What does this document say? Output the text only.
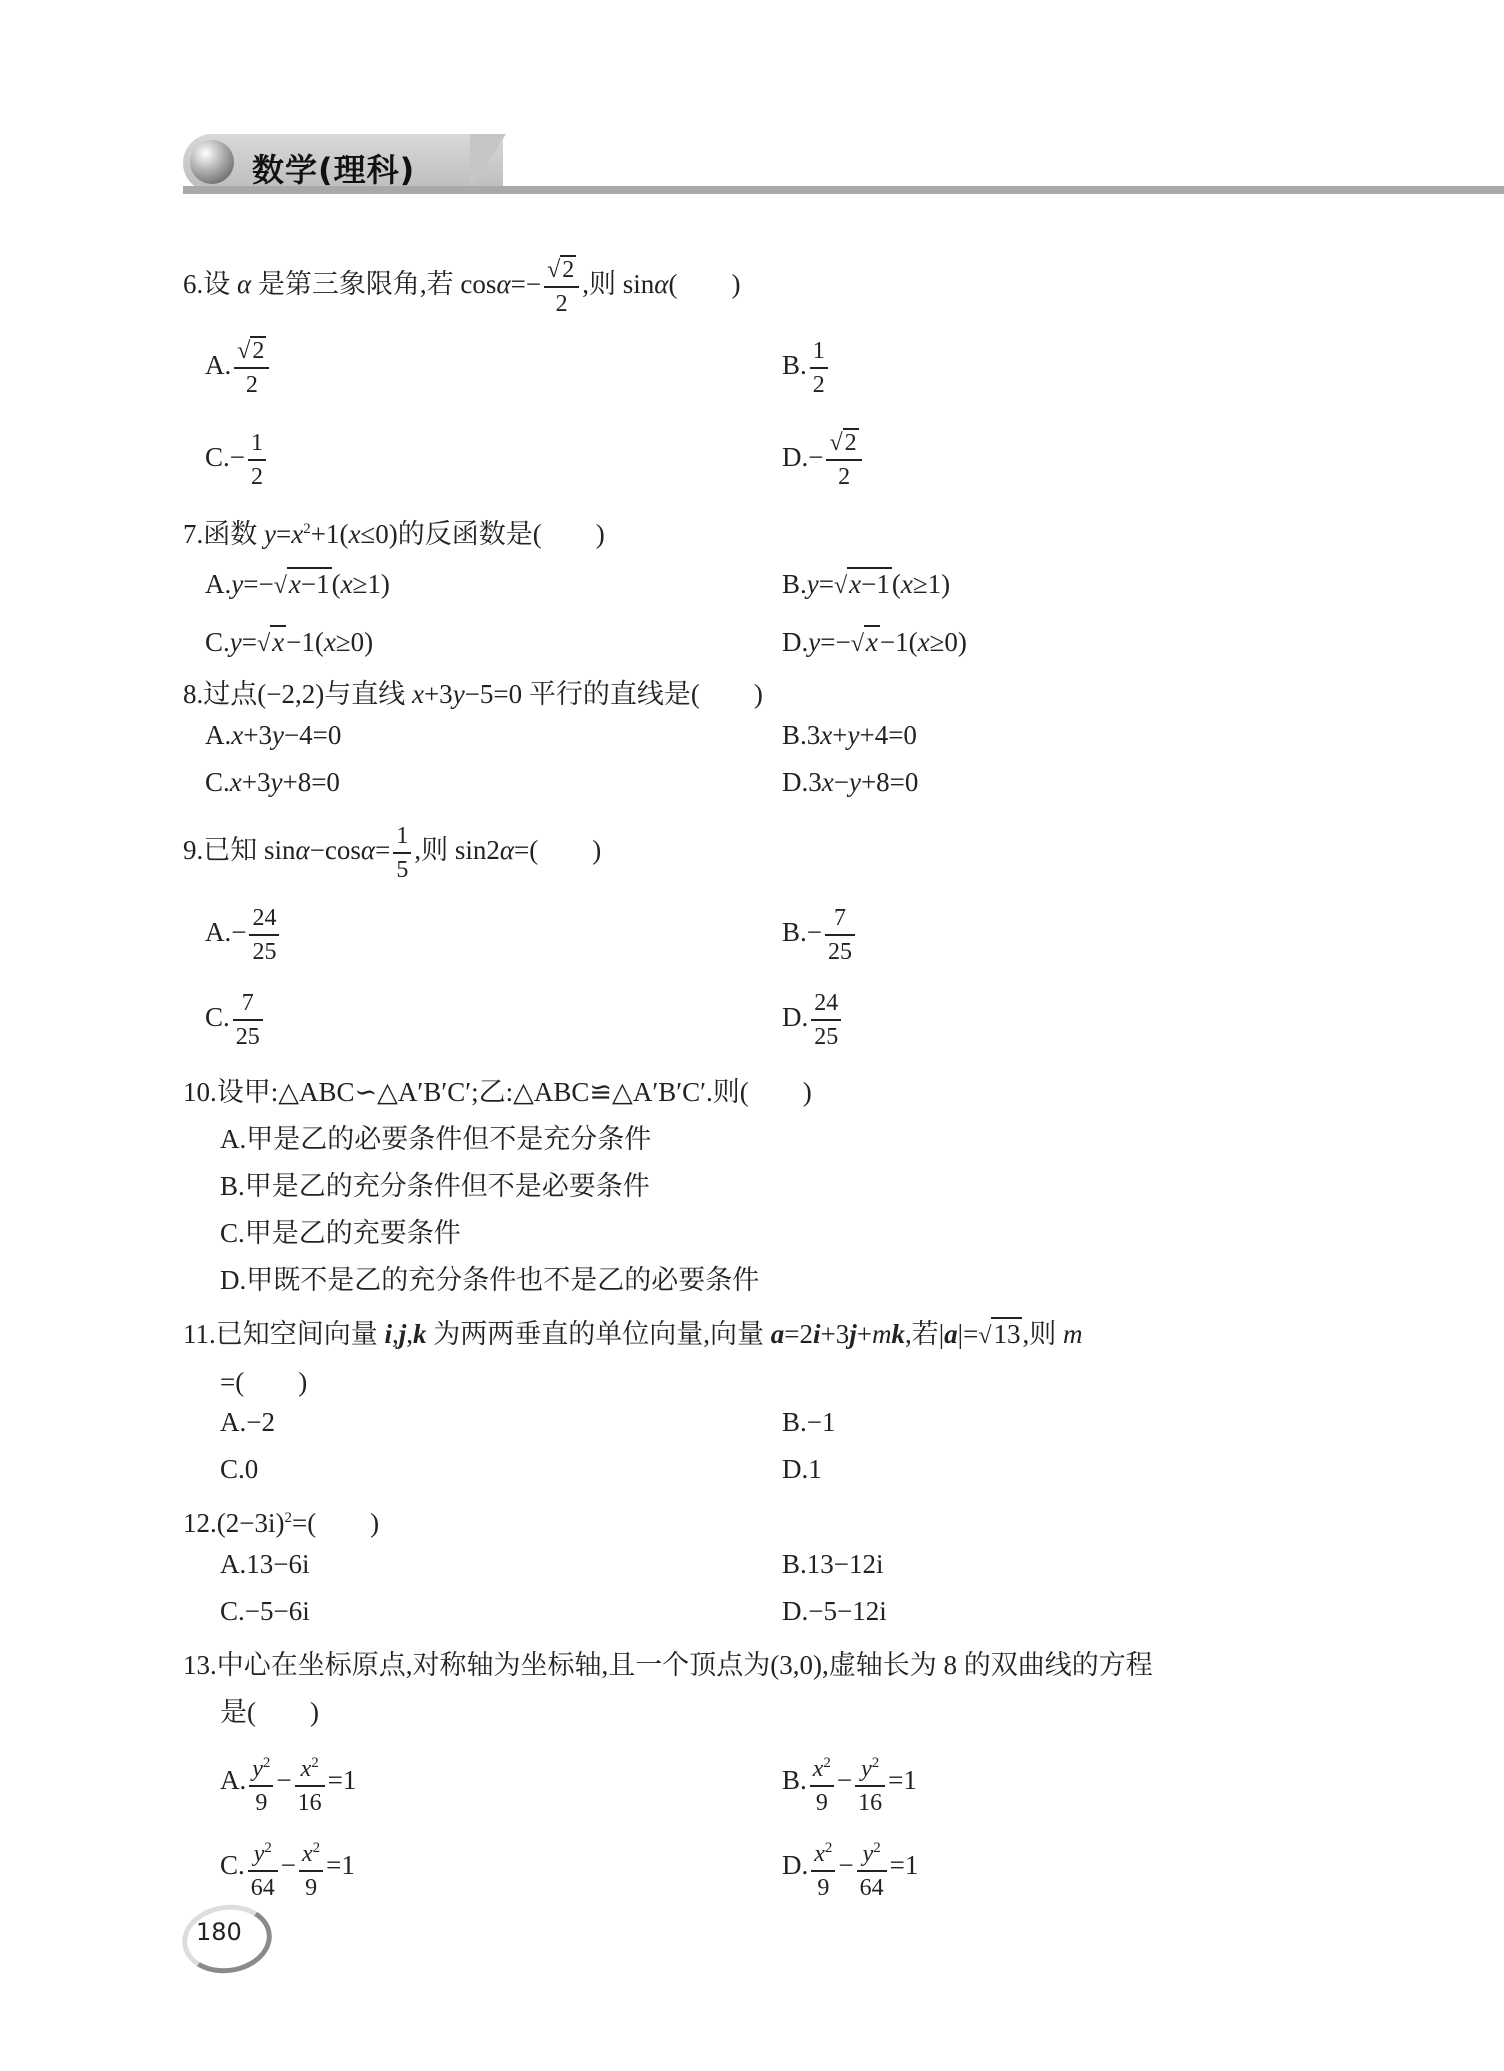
数学(理科)
6.设 α 是第三象限角,若 $\cos\alpha=- \frac{√2}{2}$ ,则 sinα(　　)
A. $\frac{√2}{2}$	B. $\frac{1}{2}$
$C.- \frac{1}{2}$	$D.- \frac{√2}{2}$
7.函数 $y=x^2+1(x\le 0)$的反函数是(　　)
A.y=−√x−1(x≥1)	B.y=√x−1(x≥1)
C.y=√x−1(x≥0)	D.y=−√x−1(x≥0)
8.过点(−2,2)与直线 x+3y−5=0 平行的直线是(　　)
A.x+3y−4=0	B.3x+y+4=0
C.x+3y+8=0	D.3x−y+8=0
9.已知 $\sin\alpha-\cos\alpha= \frac{1}{5}$ ,则 sin2α=(　　)
$A.- \frac{24}{25}$	$B.- \frac{7}{25}$
C. $\frac{7}{25}$	D. $\frac{24}{25}$
10.设甲:△ABC∽△A′B′C′;乙:△ABC≌△A′B′C′.则(　　)
A.甲是乙的必要条件但不是充分条件
B.甲是乙的充分条件但不是必要条件
C.甲是乙的充要条件
D.甲既不是乙的充分条件也不是乙的必要条件
11.已知空间向量 i,j,k 为两两垂直的单位向量,向量 a=2i+3j+mk,若|a|=√13,则 m
=(　　)
A.−2	B.−1
C.0	D.1
$12.(2-3i)^2=$(　　)
A.13−6i	B.13−12i
C.−5−6i	D.−5−12i
13.中心在坐标原点,对称轴为坐标轴,且一个顶点为(3,0),虚轴长为 8 的双曲线的方程
是(　　)
A. $\frac{y^2}{9} - \frac{x^2}{16} =1$	B. $\frac{x^2}{9} - \frac{y^2}{16} =1$
C. $\frac{y^2}{64} - \frac{x^2}{9} =1$	D. $\frac{x^2}{9} - \frac{y^2}{64} =1$
180
